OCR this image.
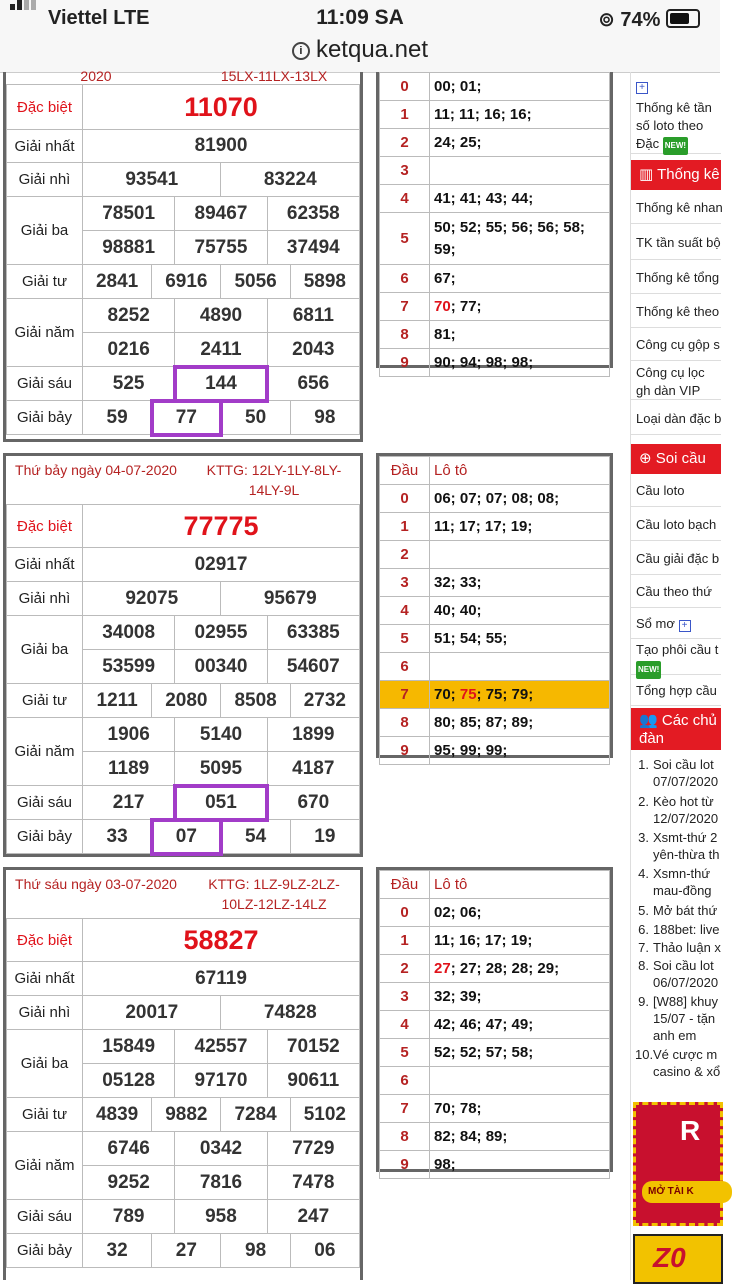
Viettel LTE	11:09 SA	⊚ 74%
i ketqua.net
2020	15LX-11LX-13LX
Đặc biệt	11070					
Giải nhất	81900					
Giải nhì	93541			83224		
Giải ba	78501		89467		62358	
	98881		75755		37494	
Giải tư	2841	6916		5056		5898
Giải năm	8252		4890		6811	
	0216		2411		2043	
Giải sáu	525		144		656	
Giải bảy	59	77		50		98
0	00; 01;
1	11; 11; 16; 16;
2	24; 25;
3	
4	41; 41; 43; 44;
5	50; 52; 55; 56; 56; 58;
59;
6	67;
7	70; 77;
8	81;
9	90; 94; 98; 98;
Thứ bảy ngày 04-07-2020	KTTG: 12LY-1LY-8LY-14LY-9L
Đặc biệt	77775					
Giải nhất	02917					
Giải nhì	92075			95679		
Giải ba	34008		02955		63385	
	53599		00340		54607	
Giải tư	1211	2080		8508		2732
Giải năm	1906		5140		1899	
	1189		5095		4187	
Giải sáu	217		051		670	
Giải bảy	33	07		54		19
Đầu	Lô tô
0	06; 07; 07; 08; 08;
1	11; 17; 17; 19;
2	
3	32; 33;
4	40; 40;
5	51; 54; 55;
6	
7	70; 75; 75; 79;
8	80; 85; 87; 89;
9	95; 99; 99;
Thứ sáu ngày 03-07-2020	KTTG: 1LZ-9LZ-2LZ-10LZ-12LZ-14LZ
Đặc biệt	58827					
Giải nhất	67119					
Giải nhì	20017			74828		
Giải ba	15849		42557		70152	
	05128		97170		90611	
Giải tư	4839	9882		7284		5102
Giải năm	6746		0342		7729	
	9252		7816		7478	
Giải sáu	789		958		247	
Giải bảy	32	27		98		06
Đầu	Lô tô
0	02; 06;
1	11; 16; 17; 19;
2	27; 27; 28; 28; 29;
3	32; 39;
4	42; 46; 47; 49;
5	52; 52; 57; 58;
6	
7	70; 78;
8	82; 84; 89;
9	98;
+
Thống kê tần số loto theo Đặc NEW!
▥ Thống kê
Thống kê nhan
TK tần suất bộ
Thống kê tổng
Thống kê theo
Công cụ gộp s
Công cụ lọc gh dàn VIP
Loại dàn đặc b
⊕ Soi cầu
Cầu loto
Cầu loto bạch
Cầu giải đặc b
Cầu theo thứ
Sổ mơ +
Tạo phôi cầu t
NEW!
Tổng hợp cầu
👥 Các chủ đề
đàn
1. Soi cầu lot
07/07/2020
2. Kèo hot từ
12/07/2020
3. Xsmt-thứ 2
yên-thừa th
4. Xsmn-thứ
mau-đồng
5. Mở bát thứ
6. 188bet: live
7. Thảo luận x
8. Soi cầu lot
06/07/2020
9. [W88] khuy
15/07 - tặn
anh em
10. Vé cược m
casino & xổ
R
MỞ TÀI K
Z0
